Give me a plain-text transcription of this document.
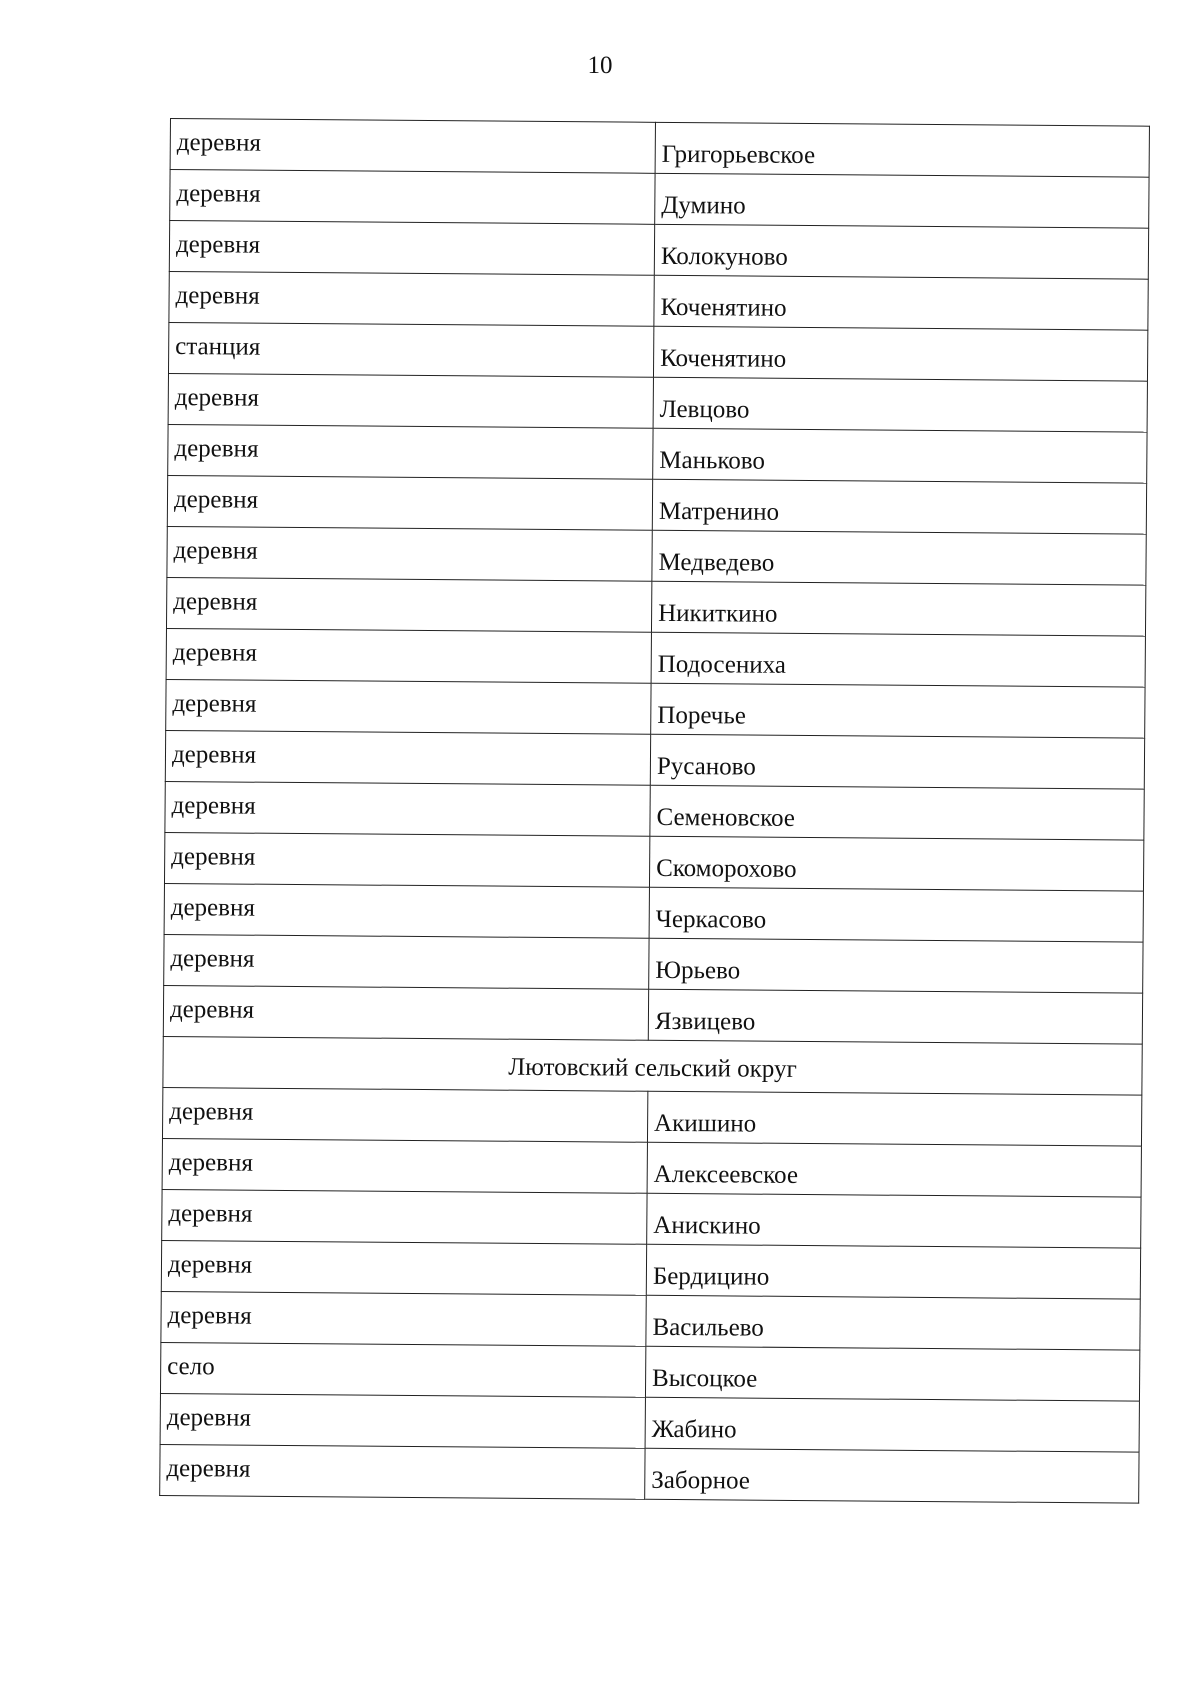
10
деревня	Григорьевское
деревня	Думино
деревня	Колокуново
деревня	Коченятино
станция	Коченятино
деревня	Левцово
деревня	Маньково
деревня	Матренино
деревня	Медведево
деревня	Никиткино
деревня	Подосениха
деревня	Поречье
деревня	Русаново
деревня	Семеновское
деревня	Скоморохово
деревня	Черкасово
деревня	Юрьево
деревня	Язвицево
Лютовский сельский округ	
деревня	Акишино
деревня	Алексеевское
деревня	Анискино
деревня	Бердицино
деревня	Васильево
село	Высоцкое
деревня	Жабино
деревня	Заборное
